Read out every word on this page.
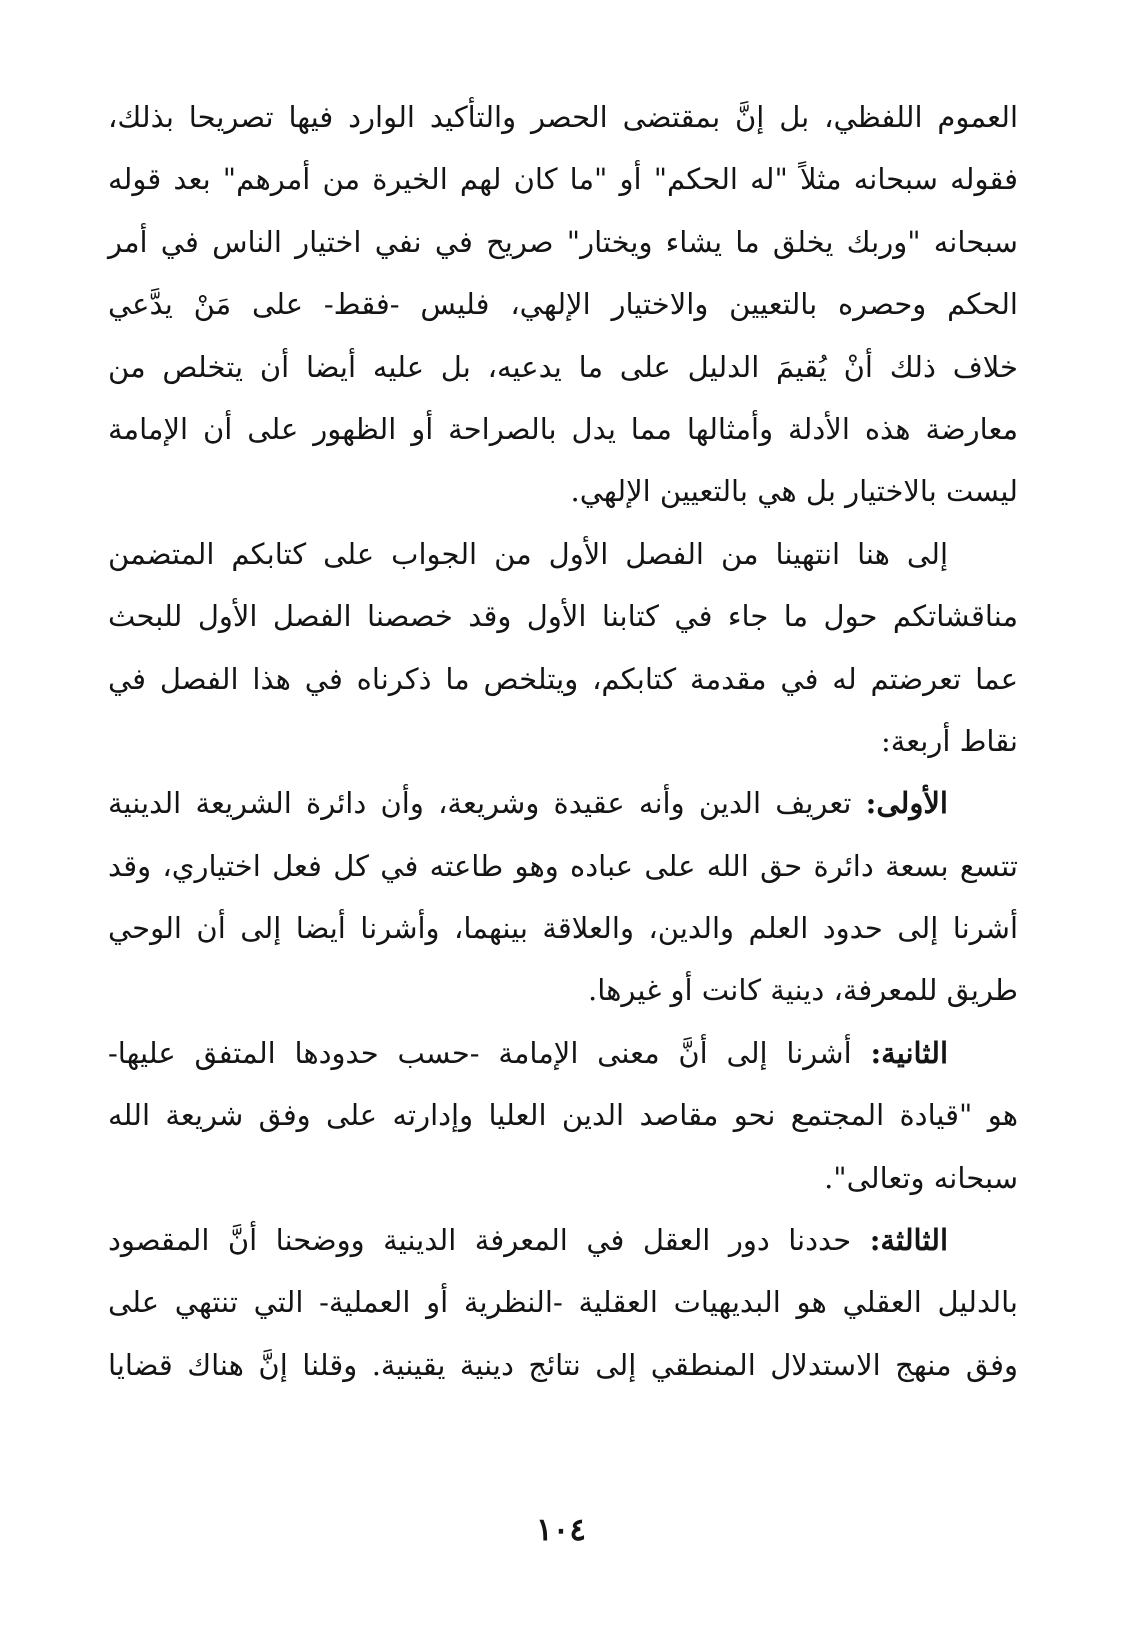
العموم اللفظي، بل إنَّ بمقتضى الحصر والتأكيد الوارد فيها تصريحا بذلك،
فقوله سبحانه مثلاً "له الحكم" أو "ما كان لهم الخيرة من أمرهم" بعد قوله
سبحانه "وربك يخلق ما يشاء ويختار" صريح في نفي اختيار الناس في أمر
الحكم وحصره بالتعيين والاختيار الإلهي، فليس -فقط- على مَنْ يدَّعي
خلاف ذلك أنْ يُقيمَ الدليل على ما يدعيه، بل عليه أيضا أن يتخلص من
معارضة هذه الأدلة وأمثالها مما يدل بالصراحة أو الظهور على أن الإمامة
ليست بالاختيار بل هي بالتعيين الإلهي.
إلى هنا انتهينا من الفصل الأول من الجواب على كتابكم المتضمن
مناقشاتكم حول ما جاء في كتابنا الأول وقد خصصنا الفصل الأول للبحث
عما تعرضتم له في مقدمة كتابكم، ويتلخص ما ذكرناه في هذا الفصل في
نقاط أربعة:
الأولى: تعريف الدين وأنه عقيدة وشريعة، وأن دائرة الشريعة الدينية
تتسع بسعة دائرة حق الله على عباده وهو طاعته في كل فعل اختياري، وقد
أشرنا إلى حدود العلم والدين، والعلاقة بينهما، وأشرنا أيضا إلى أن الوحي
طريق للمعرفة، دينية كانت أو غيرها.
الثانية: أشرنا إلى أنَّ معنى الإمامة -حسب حدودها المتفق عليها-
هو "قيادة المجتمع نحو مقاصد الدين العليا وإدارته على وفق شريعة الله
سبحانه وتعالى".
الثالثة: حددنا دور العقل في المعرفة الدينية ووضحنا أنَّ المقصود
بالدليل العقلي هو البديهيات العقلية -النظرية أو العملية- التي تنتهي على
وفق منهج الاستدلال المنطقي إلى نتائج دينية يقينية. وقلنا إنَّ هناك قضايا
١٠٤
